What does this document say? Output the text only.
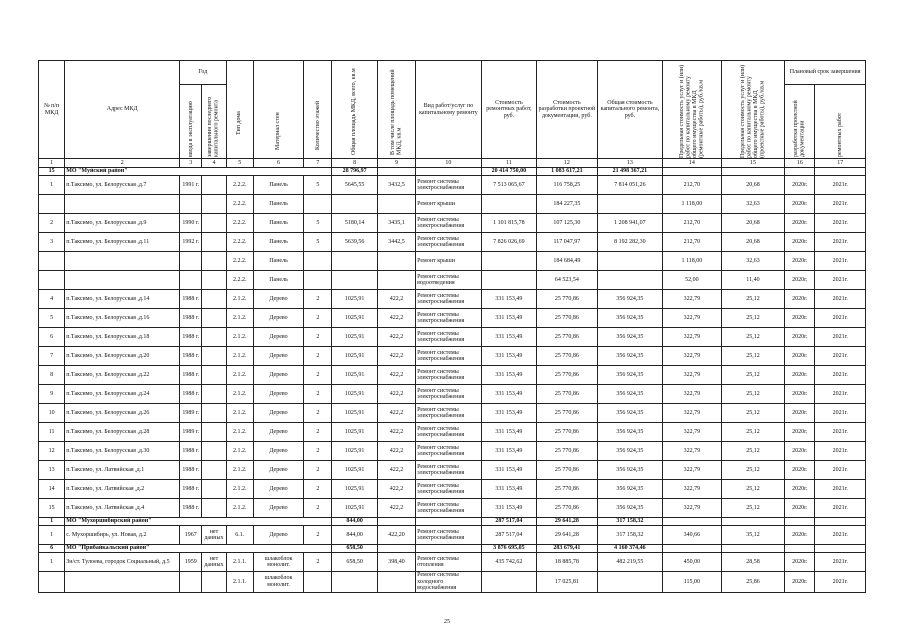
№ п/п МКД	Адрес МКД	Год		Тип дома	Материал стен	Количество этажей	Общая площадь МКД, всего, кв.м	В том числе площадь помещений МКД, кв.м	Вид работ/услуг по капитальному ремонту	Стоимость ремонтных работ, руб.	Стоимость разработки проектной документации, руб.	Общая стоимость капитального ремонта, руб.	Предельная стоимость услуг и (или) работ по капитальному ремонту общего имущества в МКД (ремонтные работы), руб./кв.м	Предельная стоимость услуг и (или) работ по капитальному ремонту общего имущества в МКД (проектные работы), руб./кв.м	Плановый срок завершения	

		ввода в эксплуатацию	завершения последнего капитального ремонта												разработки проектной документации	ремонтных работ

1	2	3	4	5	6	7	8	9	10	11	12	13	14	15	16	17
15	МО "Муйский район"						28 796,97			20 414 750,00	1 083 617,21	21 498 367,21				
1	п.Таксимо, ул. Белорусская ,д.7	1991 г.		2.2.2.	Панель	5	5645,55	3432,5	Ремонт системы электроснабжения	7 513 065,67	116 758,25	7 814 051,26	212,70	20,68	2020г.	2021г.
				2.2.2.	Панель				Ремонт крыши		184 227,35		1 118,00	32,63	2020г.	2021г.
2	п.Таксимо, ул. Белорусская ,д.9	1990 г.		2.2.2.	Панель	5	5180,14	3435,1	Ремонт системы электроснабжения	1 101 815,78	107 125,30	1 208 941,07	212,70	20,68	2020г.	2021г.
3	п.Таксимо, ул. Белорусская ,д.11	1992 г.		2.2.2.	Панель	5	5639,56	3442,5	Ремонт системы электроснабжения	7 826 026,69	117 047,97	8 192 282,30	212,70	20,68	2020г.	2021г.
				2.2.2.	Панель				Ремонт крыши		184 684,49		1 118,00	32,63	2020г.	2021г.
				2.2.2.	Панель				Ремонт системы водоотведения		64 523,54		52,00	11,40	2020г.	2021г.
4	п.Таксимо, ул. Белорусская ,д.14	1988 г.		2.1.2.	Дерево	2	1025,91	422,2	Ремонт системы электроснабжения	331 153,49	25 770,86	356 924,35	322,79	25,12	2020г.	2021г.
5	п.Таксимо, ул. Белорусская ,д.16	1988 г.		2.1.2.	Дерево	2	1025,91	422,2	Ремонт системы электроснабжения	331 153,49	25 770,86	356 924,35	322,79	25,12	2020г.	2021г.
6	п.Таксимо, ул. Белорусская ,д.18	1988 г.		2.1.2.	Дерево	2	1025,91	422,2	Ремонт системы электроснабжения	331 153,49	25 770,86	356 924,35	322,79	25,12	2020г.	2021г.
7	п.Таксимо, ул. Белорусская ,д.20	1988 г.		2.1.2.	Дерево	2	1025,91	422,2	Ремонт системы электроснабжения	331 153,49	25 770,86	356 924,35	322,79	25,12	2020г.	2021г.
8	п.Таксимо, ул. Белорусская ,д.22	1988 г.		2.1.2.	Дерево	2	1025,91	422,2	Ремонт системы электроснабжения	331 153,49	25 770,86	356 924,35	322,79	25,12	2020г.	2021г.
9	п.Таксимо, ул. Белорусская ,д.24	1988 г.		2.1.2.	Дерево	2	1025,91	422,2	Ремонт системы электроснабжения	331 153,49	25 770,86	356 924,35	322,79	25,12	2020г.	2021г.
10	п.Таксимо, ул. Белорусская ,д.26	1989 г.		2.1.2.	Дерево	2	1025,91	422,2	Ремонт системы электроснабжения	331 153,49	25 770,86	356 924,35	322,79	25,12	2020г.	2021г.
11	п.Таксимо, ул. Белорусская ,д.28	1989 г.		2.1.2.	Дерево	2	1025,91	422,2	Ремонт системы электроснабжения	331 153,49	25 770,86	356 924,35	322,79	25,12	2020г.	2021г.
12	п.Таксимо, ул. Белорусская ,д.30	1988 г.		2.1.2.	Дерево	2	1025,91	422,2	Ремонт системы электроснабжения	331 153,49	25 770,86	356 924,35	322,79	25,12	2020г.	2021г.
13	п.Таксимо, ул. Латвийская ,д.1	1988 г.		2.1.2.	Дерево	2	1025,91	422,2	Ремонт системы электроснабжения	331 153,49	25 770,86	356 924,35	322,79	25,12	2020г.	2021г.
14	п.Таксимо, ул. Латвийская ,д.2	1988 г.		2.1.2.	Дерево	2	1025,91	422,2	Ремонт системы электроснабжения	331 153,49	25 770,86	356 924,35	322,79	25,12	2020г.	2021г.
15	п.Таксимо, ул. Латвийская ,д.4	1988 г.		2.1.2.	Дерево	2	1025,91	422,2	Ремонт системы электроснабжения	331 153,49	25 770,86	356 924,35	322,79	25,12	2020г.	2021г.
1	МО "Мухоршибирский район"						844,00			287 517,04	29 641,28	317 158,32				
1	с. Мухоршибирь, ул. Новая, д.2	1967	нет данных	6.1.	Дерево	2	844,00	422,20	Ремонт системы электроснабжения	287 517,04	29 641,28	317 158,32	340,66	35,12	2020г.	2021г.
6	МО "Прибайкальский район"						658,50			3 876 695,05	283 679,41	4 160 374,46				
1	Зн/ст. Тулоева, городок Социальный, д.5	1959	нет данных	2.1.1.	шлакоблок монолит.	2	658,50	398,40	Ремонт системы отопления	435 742,62	18 885,78	482 219,55	450,00	28,58	2020г.	2021г.
				2.1.1.	шлакоблок монолит.				Ремонт системы холодного водоснабжения		17 025,81		115,00	25,86	2020г.	2021г.
25
